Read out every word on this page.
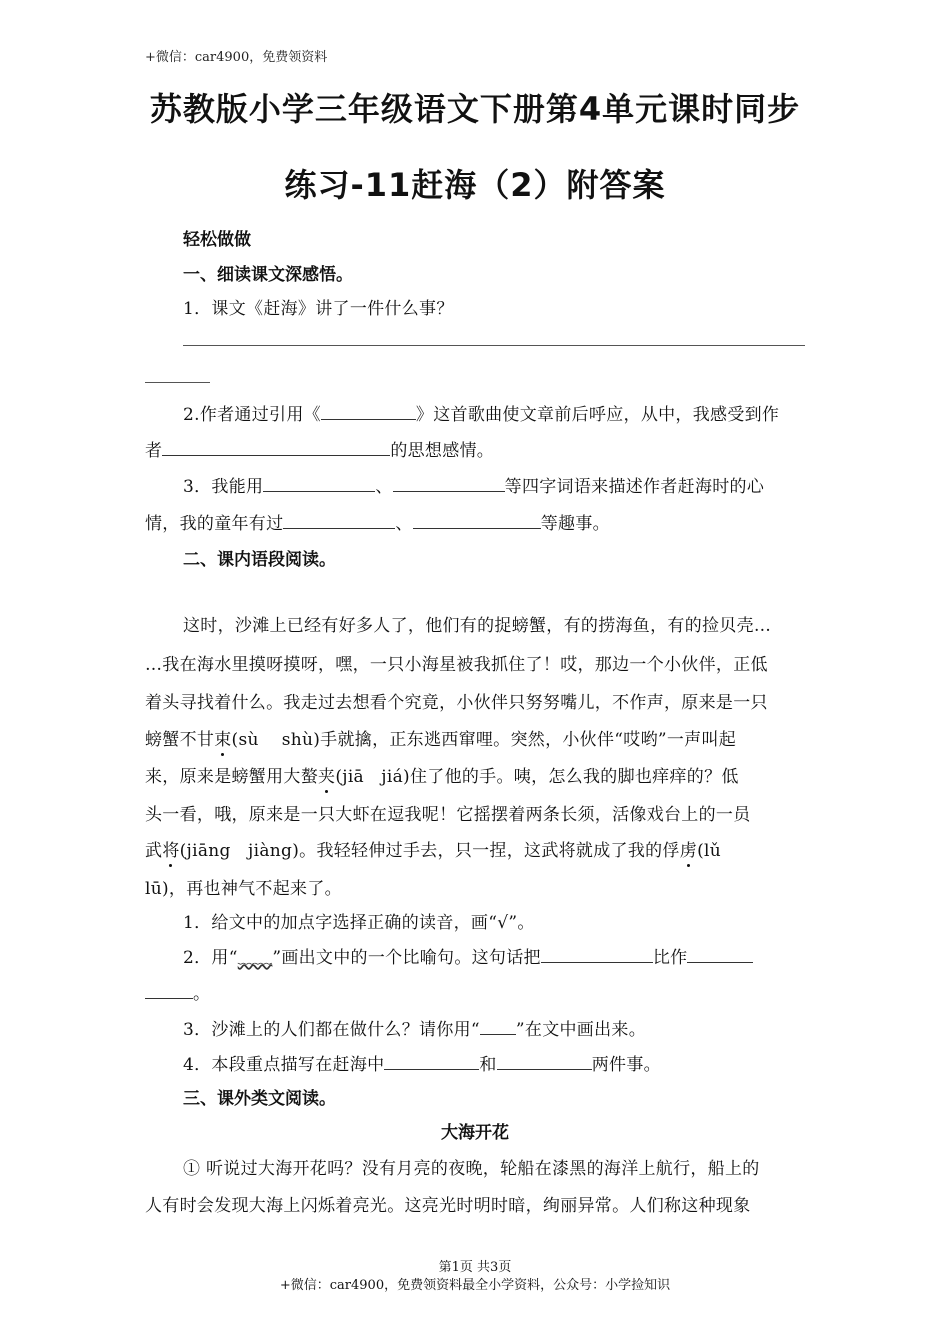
+微信：car4900，免费领资料
苏教版小学三年级语文下册第4单元课时同步
练习-11赶海（2）附答案
轻松做做
一、细读课文深感悟。
1．课文《赶海》讲了一件什么事？
2.作者通过引用《	》这首歌曲使文章前后呼应，从中，我感受到作
者	的思想感情。
3．我能用	、	等四字词语来描述作者赶海时的心
情，我的童年有过	、	等趣事。
二、课内语段阅读。
这时，沙滩上已经有好多人了，他们有的捉螃蟹，有的捞海鱼，有的捡贝壳…
…我在海水里摸呀摸呀，嘿，一只小海星被我抓住了！哎，那边一个小伙伴，正低
着头寻找着什么。我走过去想看个究竟，小伙伴只努努嘴儿，不作声，原来是一只
螃蟹不甘束(sù　 shù)手就擒，正东逃西窜哩。突然，小伙伴“哎哟”一声叫起
来，原来是螃蟹用大螯夹(jiā　jiá)住了他的手。咦，怎么我的脚也痒痒的？低
头一看，哦，原来是一只大虾在逗我呢！它摇摆着两条长须，活像戏台上的一员
武将(jiāng　jiàng)。我轻轻伸过手去，只一捏，这武将就成了我的俘虏(lǔ
lū)，再也神气不起来了。
1．给文中的加点字选择正确的读音，画“√”。
2．用“﹏﹏”画出文中的一个比喻句。这句话把	比作
。
3．沙滩上的人们都在做什么？请你用“ ”在文中画出来。
4．本段重点描写在赶海中	和	两件事。
三、课外类文阅读。
大海开花
① 听说过大海开花吗？没有月亮的夜晚，轮船在漆黑的海洋上航行，船上的
人有时会发现大海上闪烁着亮光。这亮光时明时暗，绚丽异常。人们称这种现象
第1页 共3页
+微信：car4900，免费领资料最全小学资料，公众号：小学捡知识
